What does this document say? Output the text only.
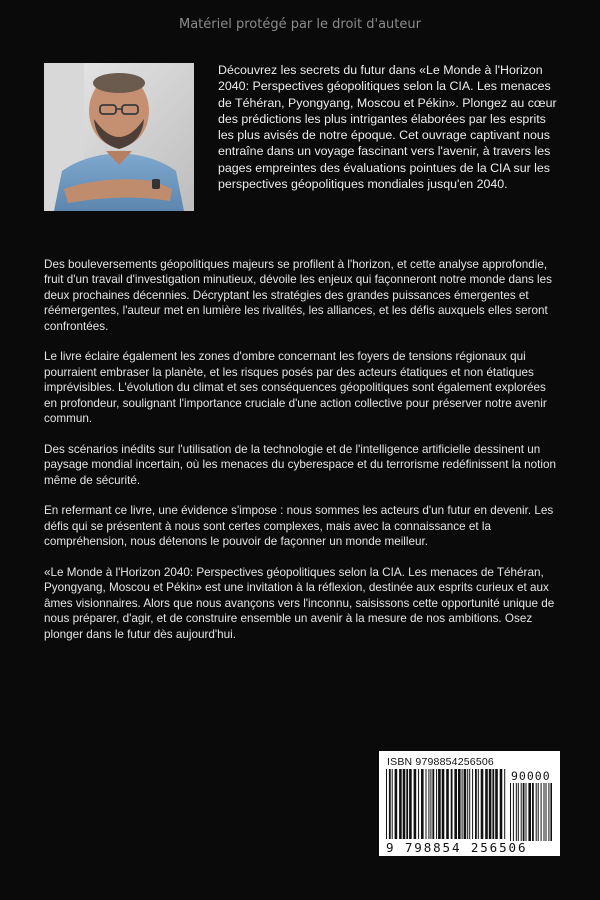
Matériel protégé par le droit d'auteur

Découvrez les secrets du futur dans «Le Monde à l'Horizon 2040: Perspectives géopolitiques selon la CIA. Les menaces de Téhéran, Pyongyang, Moscou et Pékin». Plongez au cœur des prédictions les plus intrigantes élaborées par les esprits les plus avisés de notre époque. Cet ouvrage captivant nous entraîne dans un voyage fascinant vers l'avenir, à travers les pages empreintes des évaluations pointues de la CIA sur les perspectives géopolitiques mondiales jusqu'en 2040.

Des bouleversements géopolitiques majeurs se profilent à l'horizon, et cette analyse approfondie, fruit d'un travail d'investigation minutieux, dévoile les enjeux qui façonneront notre monde dans les deux prochaines décennies. Décryptant les stratégies des grandes puissances émergentes et réémergentes, l'auteur met en lumière les rivalités, les alliances, et les défis auxquels elles seront confrontées.

Le livre éclaire également les zones d'ombre concernant les foyers de tensions régionaux qui pourraient embraser la planète, et les risques posés par des acteurs étatiques et non étatiques imprévisibles. L'évolution du climat et ses conséquences géopolitiques sont également explorées en profondeur, soulignant l'importance cruciale d'une action collective pour préserver notre avenir commun.

Des scénarios inédits sur l'utilisation de la technologie et de l'intelligence artificielle dessinent un paysage mondial incertain, où les menaces du cyberespace et du terrorisme redéfinissent la notion même de sécurité.

En refermant ce livre, une évidence s'impose : nous sommes les acteurs d'un futur en devenir. Les défis qui se présentent à nous sont certes complexes, mais avec la connaissance et la compréhension, nous détenons le pouvoir de façonner un monde meilleur.

«Le Monde à l'Horizon 2040: Perspectives géopolitiques selon la CIA. Les menaces de Téhéran, Pyongyang, Moscou et Pékin» est une invitation à la réflexion, destinée aux esprits curieux et aux âmes visionnaires. Alors que nous avançons vers l'inconnu, saisissons cette opportunité unique de nous préparer, d'agir, et de construire ensemble un avenir à la mesure de nos ambitions. Osez plonger dans le futur dès aujourd'hui.

ISBN 9798854256506
90000
9 798854 256506
